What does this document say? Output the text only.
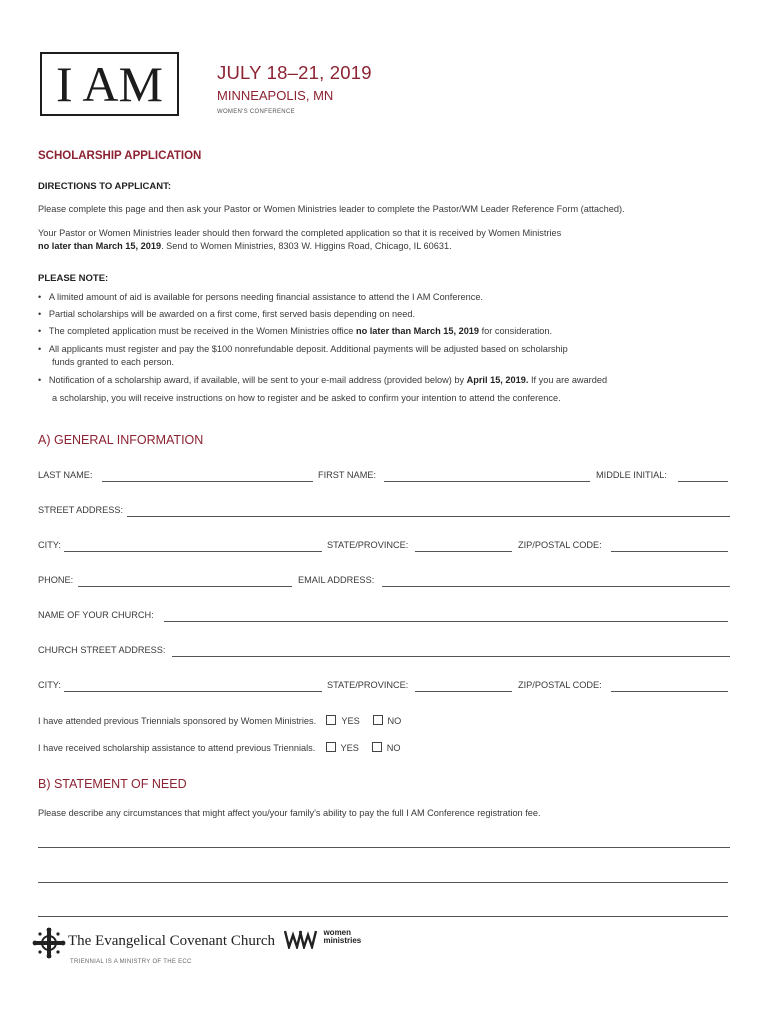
I AM	JULY 18–21, 2019
MINNEAPOLIS, MN
WOMEN'S CONFERENCE
SCHOLARSHIP APPLICATION
DIRECTIONS TO APPLICANT:
Please complete this page and then ask your Pastor or Women Ministries leader to complete the Pastor/WM Leader Reference Form (attached).
Your Pastor or Women Ministries leader should then forward the completed application so that it is received by Women Ministries
no later than March 15, 2019. Send to Women Ministries, 8303 W. Higgins Road, Chicago, IL 60631.
PLEASE NOTE:
•   A limited amount of aid is available for persons needing financial assistance to attend the I AM Conference.
•   Partial scholarships will be awarded on a first come, first served basis depending on need.
•   The completed application must be received in the Women Ministries office no later than March 15, 2019 for consideration.
•   All applicants must register and pay the $100 nonrefundable deposit. Additional payments will be adjusted based on scholarship
funds granted to each person.
•   Notification of a scholarship award, if available, will be sent to your e-mail address (provided below) by April 15, 2019. If you are awarded
a scholarship, you will receive instructions on how to register and be asked to confirm your intention to attend the conference.
A) GENERAL INFORMATION
LAST NAME:	FIRST NAME:	MIDDLE INITIAL:
STREET ADDRESS:
CITY:	STATE/PROVINCE:	ZIP/POSTAL CODE:
PHONE:	EMAIL ADDRESS:
NAME OF YOUR CHURCH:
CHURCH STREET ADDRESS:
CITY:	STATE/PROVINCE:	ZIP/POSTAL CODE:
I have attended previous Triennials sponsored by Women Ministries.	YES	NO
I have received scholarship assistance to attend previous Triennials.	YES	NO
B) STATEMENT OF NEED
Please describe any circumstances that might affect you/your family's ability to pay the full I AM Conference registration fee.
The Evangelical Covenant Church

women
ministries
TRIENNIAL IS A MINISTRY OF THE ECC
